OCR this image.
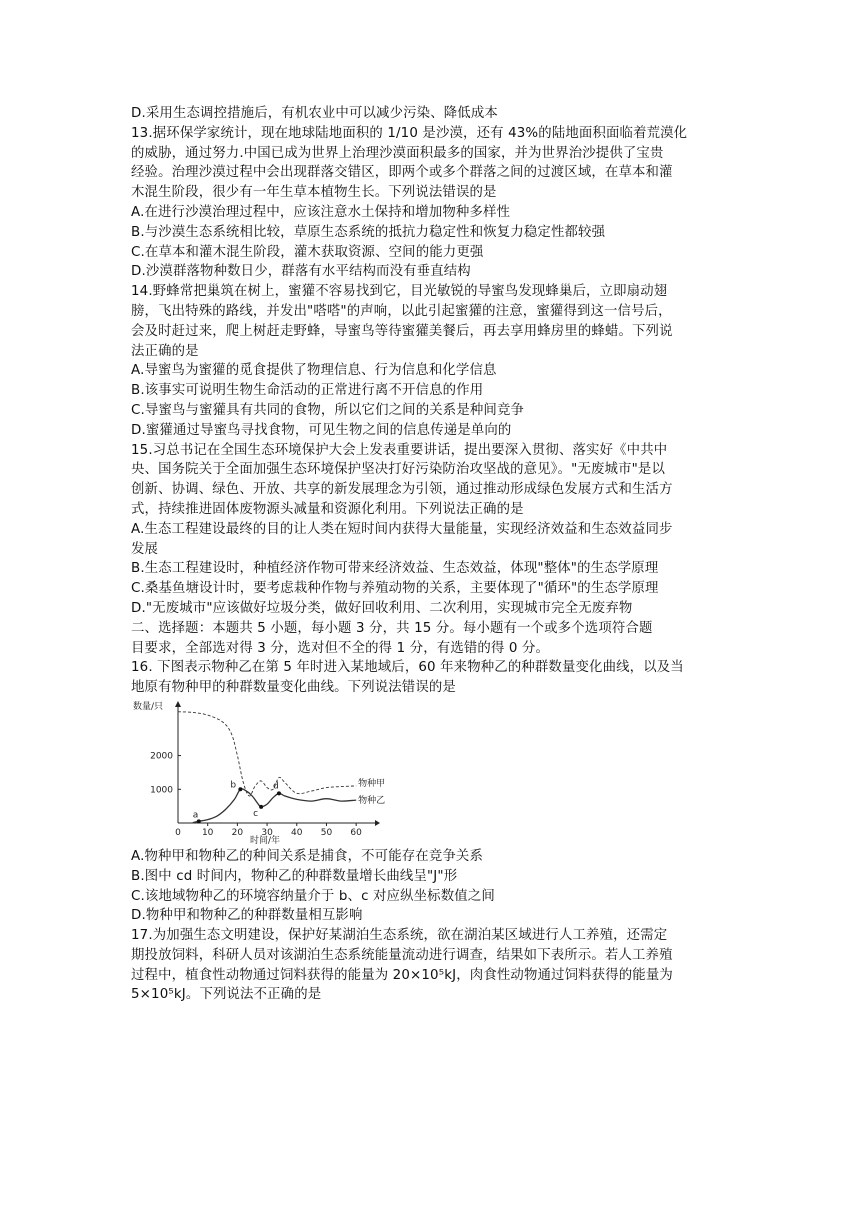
D.采用生态调控措施后，有机农业中可以减少污染、降低成本
13.据环保学家统计，现在地球陆地面积的 1/10 是沙漠，还有 43%的陆地面积面临着荒漠化
的威胁，通过努力.中国已成为世界上治理沙漠面积最多的国家，并为世界治沙提供了宝贵
经验。治理沙漠过程中会出现群落交错区，即两个或多个群落之间的过渡区域，在草本和灌
木混生阶段，很少有一年生草本植物生长。下列说法错误的是
A.在进行沙漠治理过程中，应该注意水土保持和增加物种多样性
B.与沙漠生态系统相比较，草原生态系统的抵抗力稳定性和恢复力稳定性都较强
C.在草本和灌木混生阶段，灌木获取资源、空间的能力更强
D.沙漠群落物种数日少，群落有水平结构而没有垂直结构
14.野蜂常把巢筑在树上，蜜獾不容易找到它，目光敏锐的导蜜鸟发现蜂巢后，立即扇动翅
膀，飞出特殊的路线，并发出"嗒嗒"的声响，以此引起蜜獾的注意，蜜獾得到这一信号后，
会及时赶过来，爬上树赶走野蜂，导蜜鸟等待蜜獾美餐后，再去享用蜂房里的蜂蜡。下列说
法正确的是
A.导蜜鸟为蜜獾的觅食提供了物理信息、行为信息和化学信息
B.该事实可说明生物生命活动的正常进行离不开信息的作用
C.导蜜鸟与蜜獾具有共同的食物，所以它们之间的关系是种间竞争
D.蜜獾通过导蜜鸟寻找食物，可见生物之间的信息传递是单向的
15.习总书记在全国生态环境保护大会上发表重要讲话，提出要深入贯彻、落实好《中共中
央、国务院关于全面加强生态环境保护坚决打好污染防治攻坚战的意见》。"无废城市"是以
创新、协调、绿色、开放、共享的新发展理念为引领，通过推动形成绿色发展方式和生活方
式，持续推进固体废物源头减量和资源化利用。下列说法正确的是
A.生态工程建设最终的目的让人类在短时间内获得大量能量，实现经济效益和生态效益同步
发展
B.生态工程建设时，种植经济作物可带来经济效益、生态效益，体现"整体"的生态学原理
C.桑基鱼塘设计时，要考虑栽种作物与养殖动物的关系，主要体现了"循环"的生态学原理
D."无废城市"应该做好垃圾分类，做好回收利用、二次利用，实现城市完全无废弃物
二、选择题：本题共 5 小题，每小题 3 分，共 15 分。每小题有一个或多个选项符合题
目要求，全部选对得 3 分，选对但不全的得 1 分，有选错的得 0 分。
16. 下图表示物种乙在第 5 年时进入某地域后，60 年来物种乙的种群数量变化曲线，以及当
地原有物种甲的种群数量变化曲线。下列说法错误的是
数量/只
时间/年
0 10 20 30 40 50 60
1000
2000
物种甲
物种乙
a
b
c
d
A.物种甲和物种乙的种间关系是捕食，不可能存在竞争关系
B.图中 cd 时间内，物种乙的种群数量增长曲线呈"J"形
C.该地域物种乙的环境容纳量介于 b、c 对应纵坐标数值之间
D.物种甲和物种乙的种群数量相互影响
17.为加强生态文明建设，保护好某湖泊生态系统，欲在湖泊某区域进行人工养殖，还需定
期投放饲料，科研人员对该湖泊生态系统能量流动进行调查，结果如下表所示。若人工养殖
过程中，植食性动物通过饲料获得的能量为 20×10⁵kJ，肉食性动物通过饲料获得的能量为
5×10⁵kJ。下列说法不正确的是
